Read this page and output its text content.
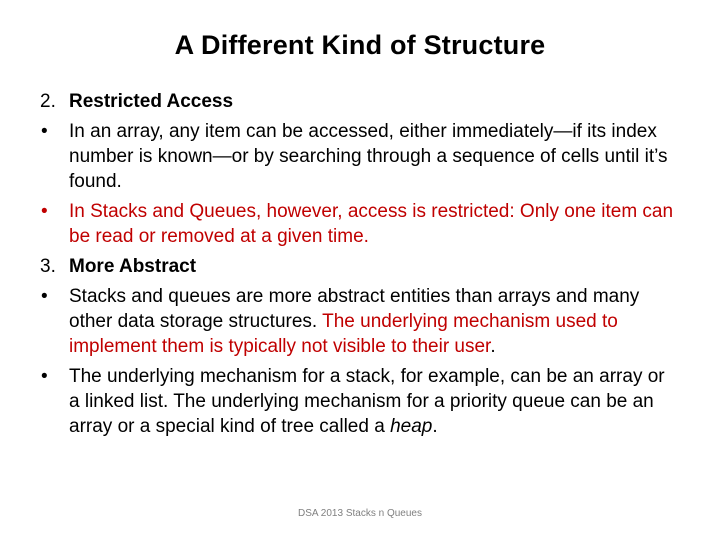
A Different Kind of Structure
2. Restricted Access
•	In an array, any item can be accessed, either immediately—if its index number is known—or by searching through a sequence of cells until it’s found.
•	In Stacks and Queues, however, access is restricted: Only one item can be read or removed at a given time.
3. More Abstract
•	Stacks and queues are more abstract entities than arrays and many other data storage structures. The underlying mechanism used to implement them is typically not visible to their user.
•	The underlying mechanism for a stack, for example, can be an array or a linked list. The underlying mechanism for a priority queue can be an array or a special kind of tree called a heap.
DSA 2013 Stacks n Queues
